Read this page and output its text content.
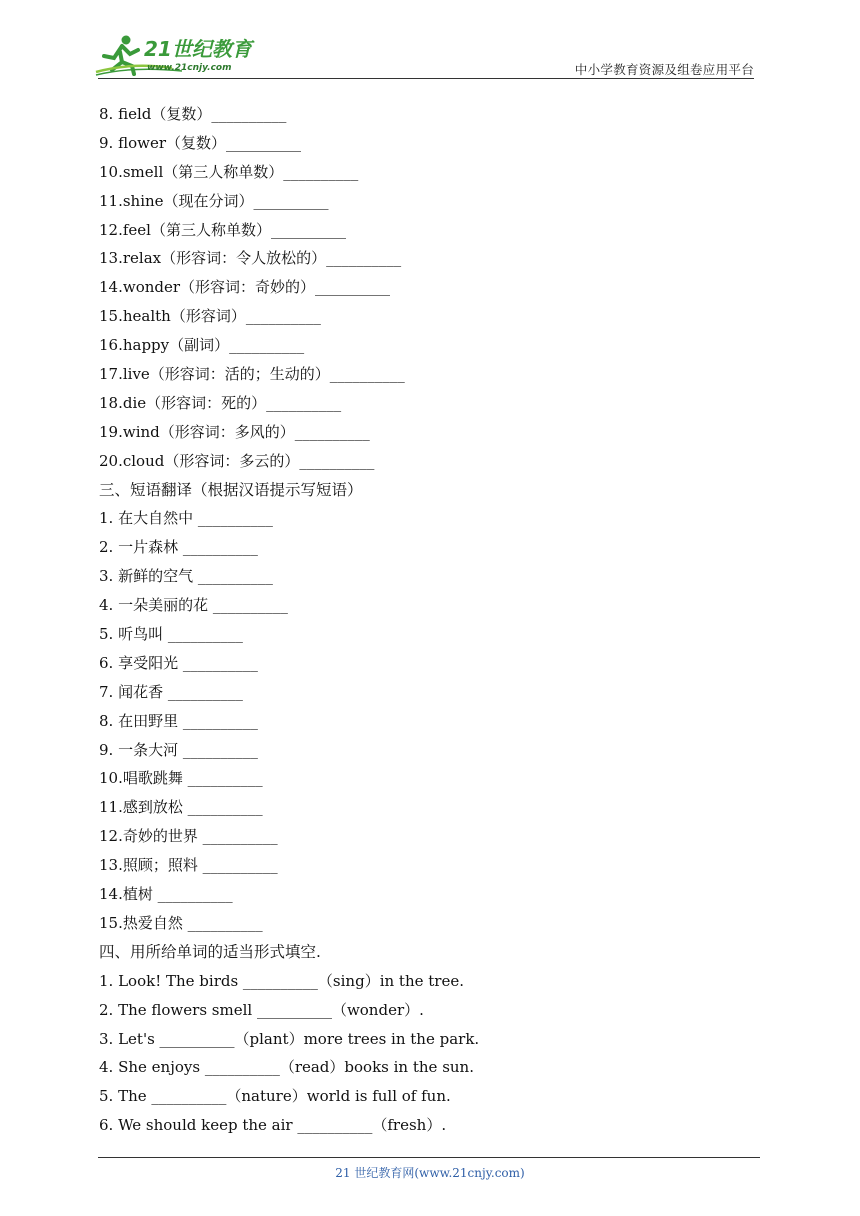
21世纪教育
www.21cnjy.com	中小学教育资源及组卷应用平台
8. field（复数）__________
9. flower（复数）__________
10.smell（第三人称单数）__________
11.shine（现在分词）__________
12.feel（第三人称单数）__________
13.relax（形容词：令人放松的）__________
14.wonder（形容词：奇妙的）__________
15.health（形容词）__________
16.happy（副词）__________
17.live（形容词：活的；生动的）__________
18.die（形容词：死的）__________
19.wind（形容词：多风的）__________
20.cloud（形容词：多云的）__________
三、短语翻译（根据汉语提示写短语）
1. 在大自然中 __________
2. 一片森林 __________
3. 新鲜的空气 __________
4. 一朵美丽的花 __________
5. 听鸟叫 __________
6. 享受阳光 __________
7. 闻花香 __________
8. 在田野里 __________
9. 一条大河 __________
10.唱歌跳舞 __________
11.感到放松 __________
12.奇妙的世界 __________
13.照顾；照料 __________
14.植树 __________
15.热爱自然 __________
四、用所给单词的适当形式填空.
1. Look! The birds __________（sing）in the tree.
2. The flowers smell __________（wonder）.
3. Let's __________（plant）more trees in the park.
4. She enjoys __________（read）books in the sun.
5. The __________（nature）world is full of fun.
6. We should keep the air __________（fresh）.
21 世纪教育网(www.21cnjy.com)
